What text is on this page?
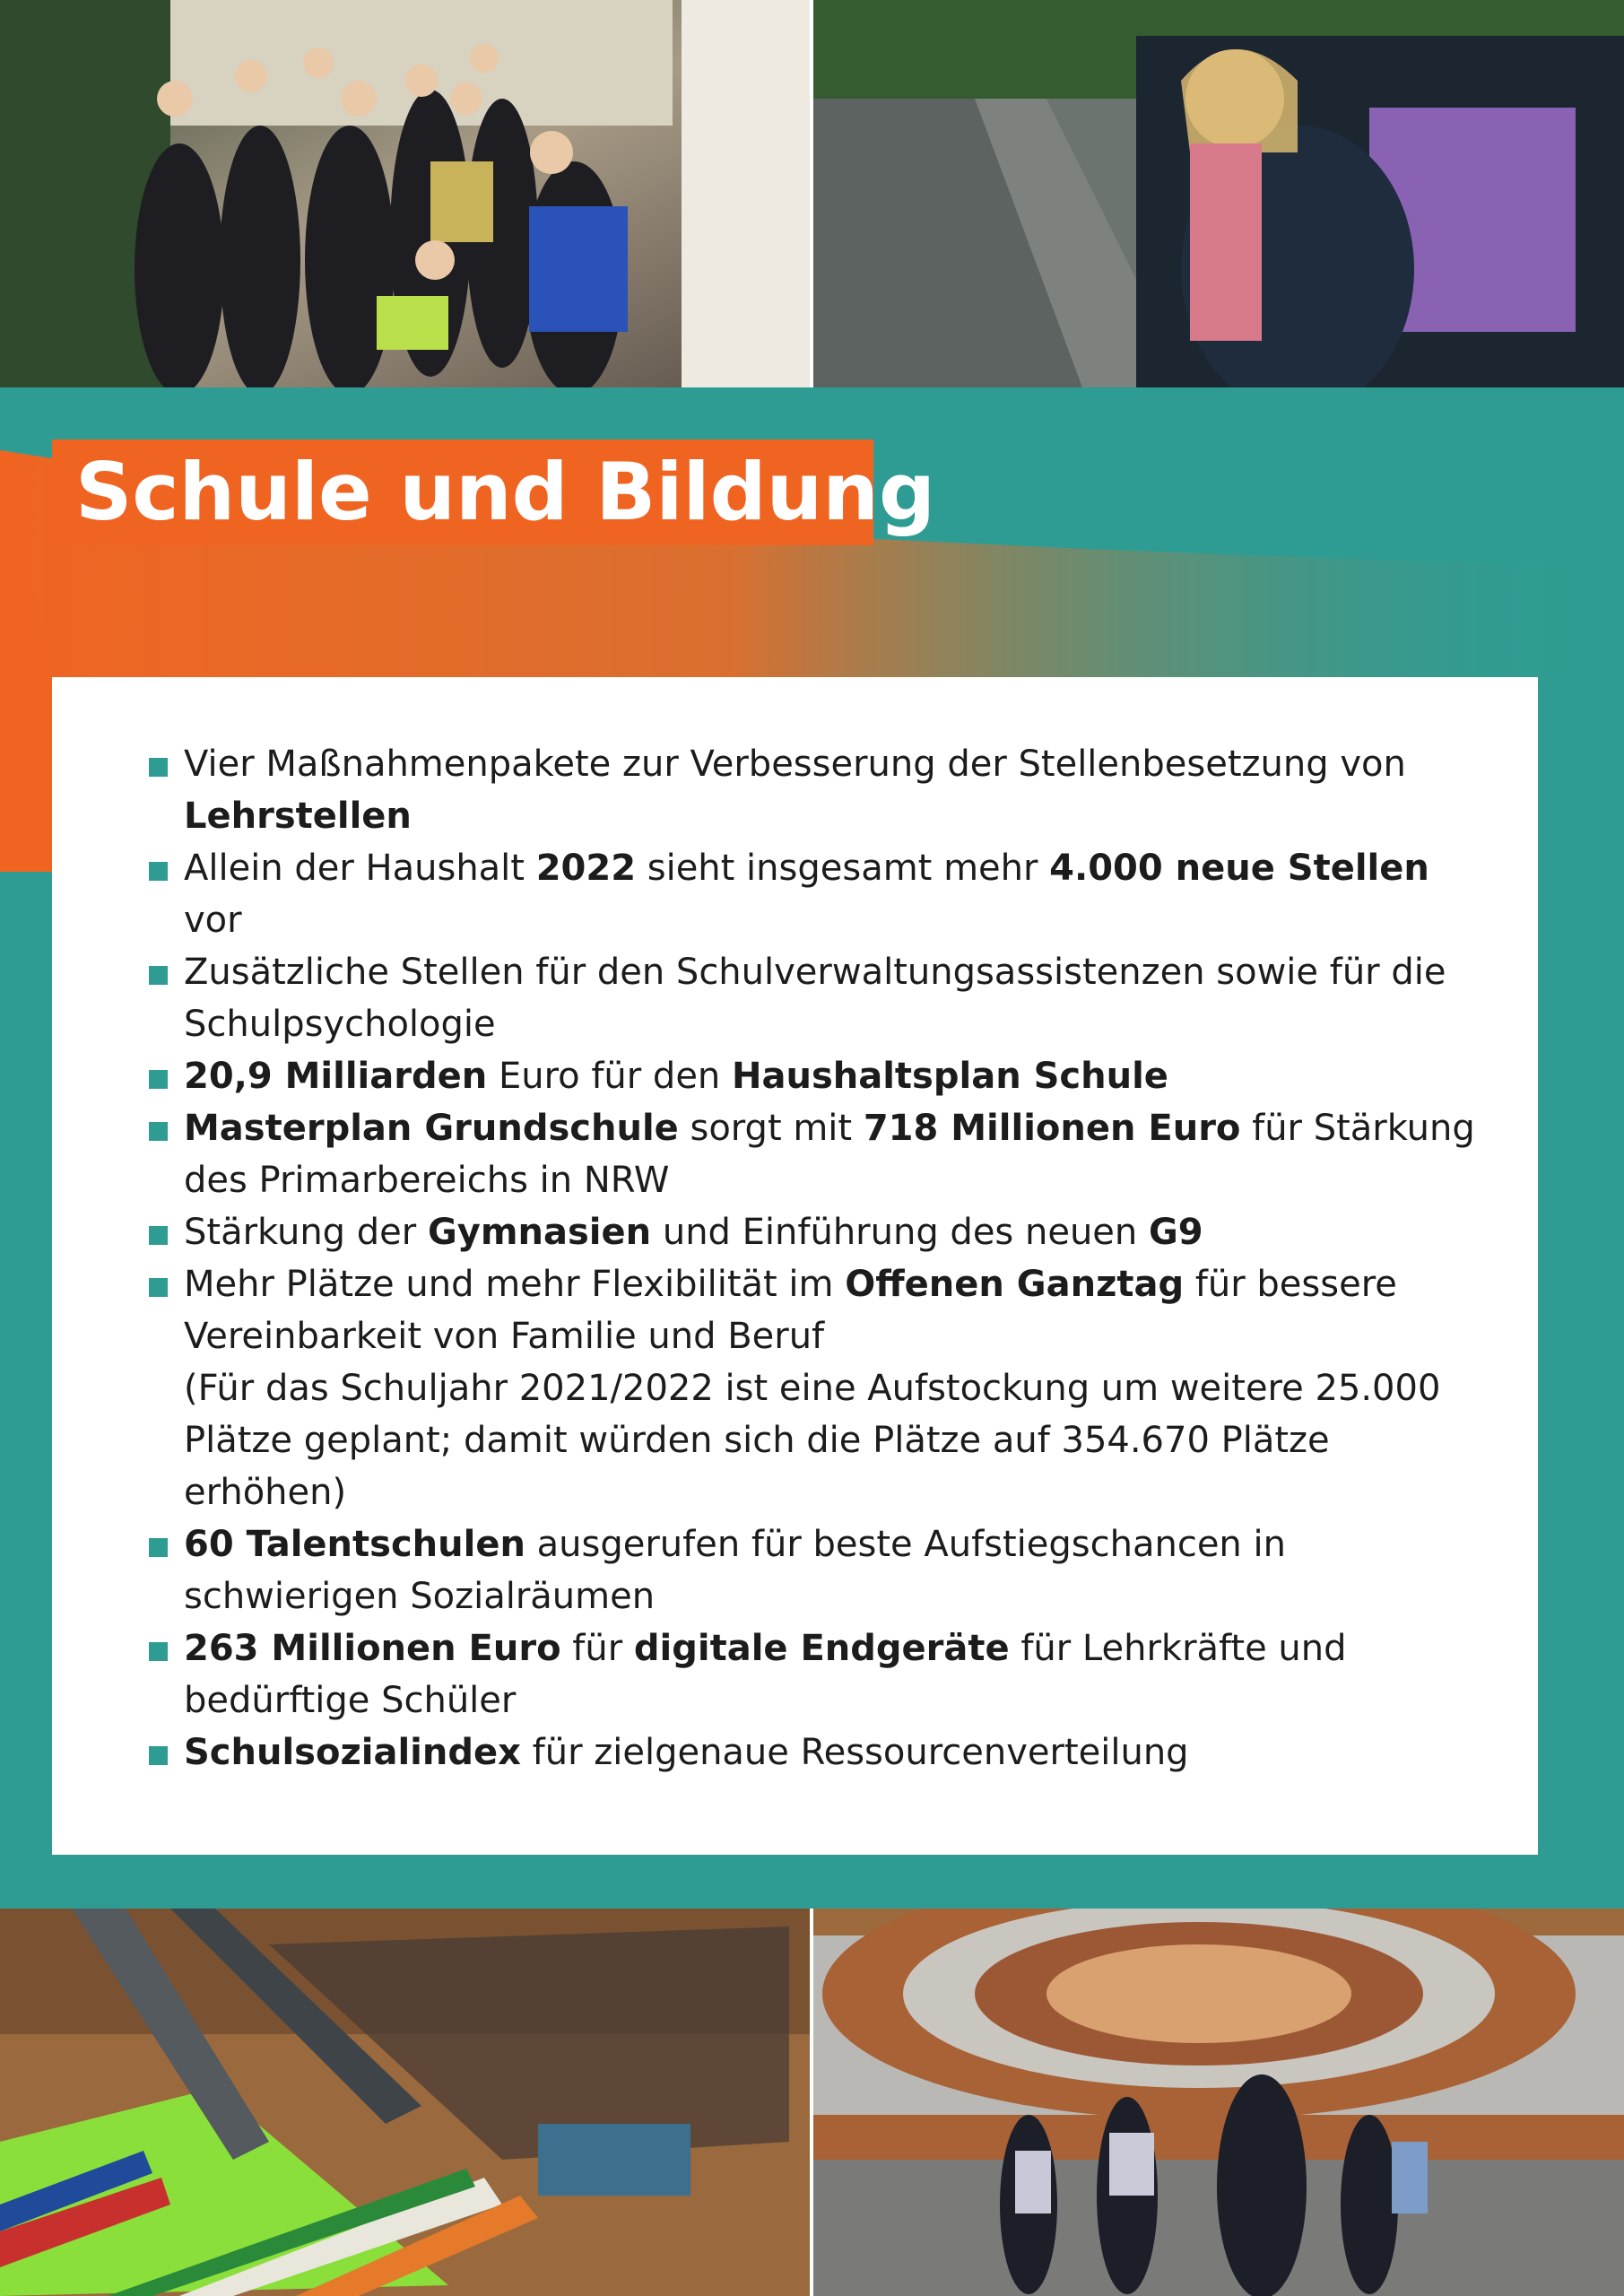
Schule und Bildung
Vier Maßnahmenpakete zur Verbesserung der Stellenbesetzung von Lehrstellen
Allein der Haushalt 2022 sieht insgesamt mehr 4.000 neue Stellen vor
Zusätzliche Stellen für den Schulverwaltungsassistenzen sowie für die Schulpsychologie
20,9 Milliarden Euro für den Haushaltsplan Schule
Masterplan Grundschule sorgt mit 718 Millionen Euro für Stärkung des Primarbereichs in NRW
Stärkung der Gymnasien und Einführung des neuen G9
Mehr Plätze und mehr Flexibilität im Offenen Ganztag für bessere Vereinbarkeit von Familie und Beruf
(Für das Schuljahr 2021/2022 ist eine Aufstockung um weitere 25.000 Plätze geplant; damit würden sich die Plätze auf 354.670 Plätze erhöhen)
60 Talentschulen ausgerufen für beste Aufstiegschancen in schwierigen Sozialräumen
263 Millionen Euro für digitale Endgeräte für Lehrkräfte und bedürftige Schüler
Schulsozialindex für zielgenaue Ressourcenverteilung
